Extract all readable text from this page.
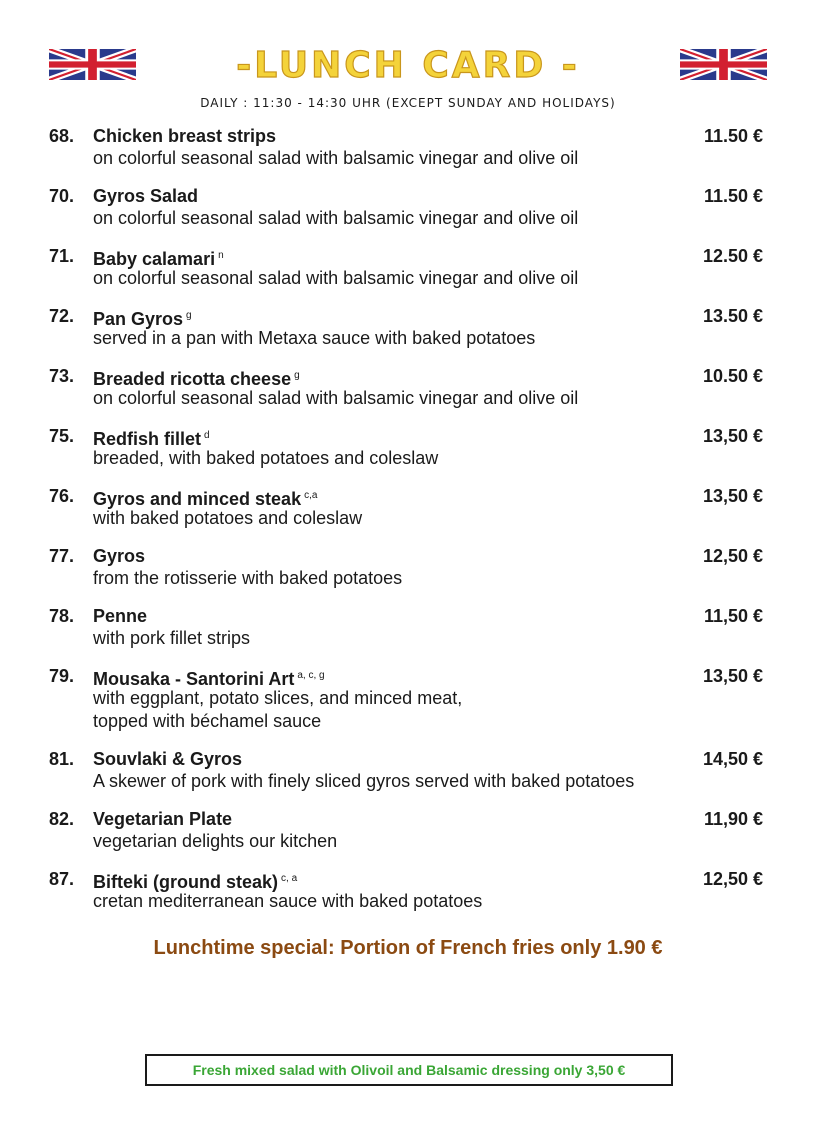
-LUNCH CARD -
DAILY : 11:30 - 14:30 UHR (EXCEPT SUNDAY AND HOLIDAYS)
68. Chicken breast strips	11.50 €
on colorful seasonal salad with balsamic vinegar and olive oil
70. Gyros Salad	11.50 €
on colorful seasonal salad with balsamic vinegar and olive oil
71. Baby calamari $^n$	12.50 €
on colorful seasonal salad with balsamic vinegar and olive oil
72. Pan Gyros $^g$	13.50 €
served in a pan with Metaxa sauce with baked potatoes
73. Breaded ricotta cheese $^g$	10.50 €
on colorful seasonal salad with balsamic vinegar and olive oil
75. Redfish fillet $^d$	13,50 €
breaded, with baked potatoes and coleslaw
76. Gyros and minced steak $^{c,a}$	13,50 €
with baked potatoes and coleslaw
77. Gyros	12,50 €
from the rotisserie with baked potatoes
78. Penne	11,50 €
with pork fillet strips
79. Mousaka - Santorini Art $^{a, c, g}$	13,50 €
with eggplant, potato slices, and minced meat,
topped with béchamel sauce
81. Souvlaki & Gyros	14,50 €
A skewer of pork with finely sliced gyros served with baked potatoes
82. Vegetarian Plate	11,90 €
vegetarian delights our kitchen
87. Bifteki (ground steak) $^{c, a}$	12,50 €
cretan mediterranean sauce with baked potatoes
Lunchtime special: Portion of French fries only 1.90 €
Fresh mixed salad with Olivoil and Balsamic dressing only 3,50 €
